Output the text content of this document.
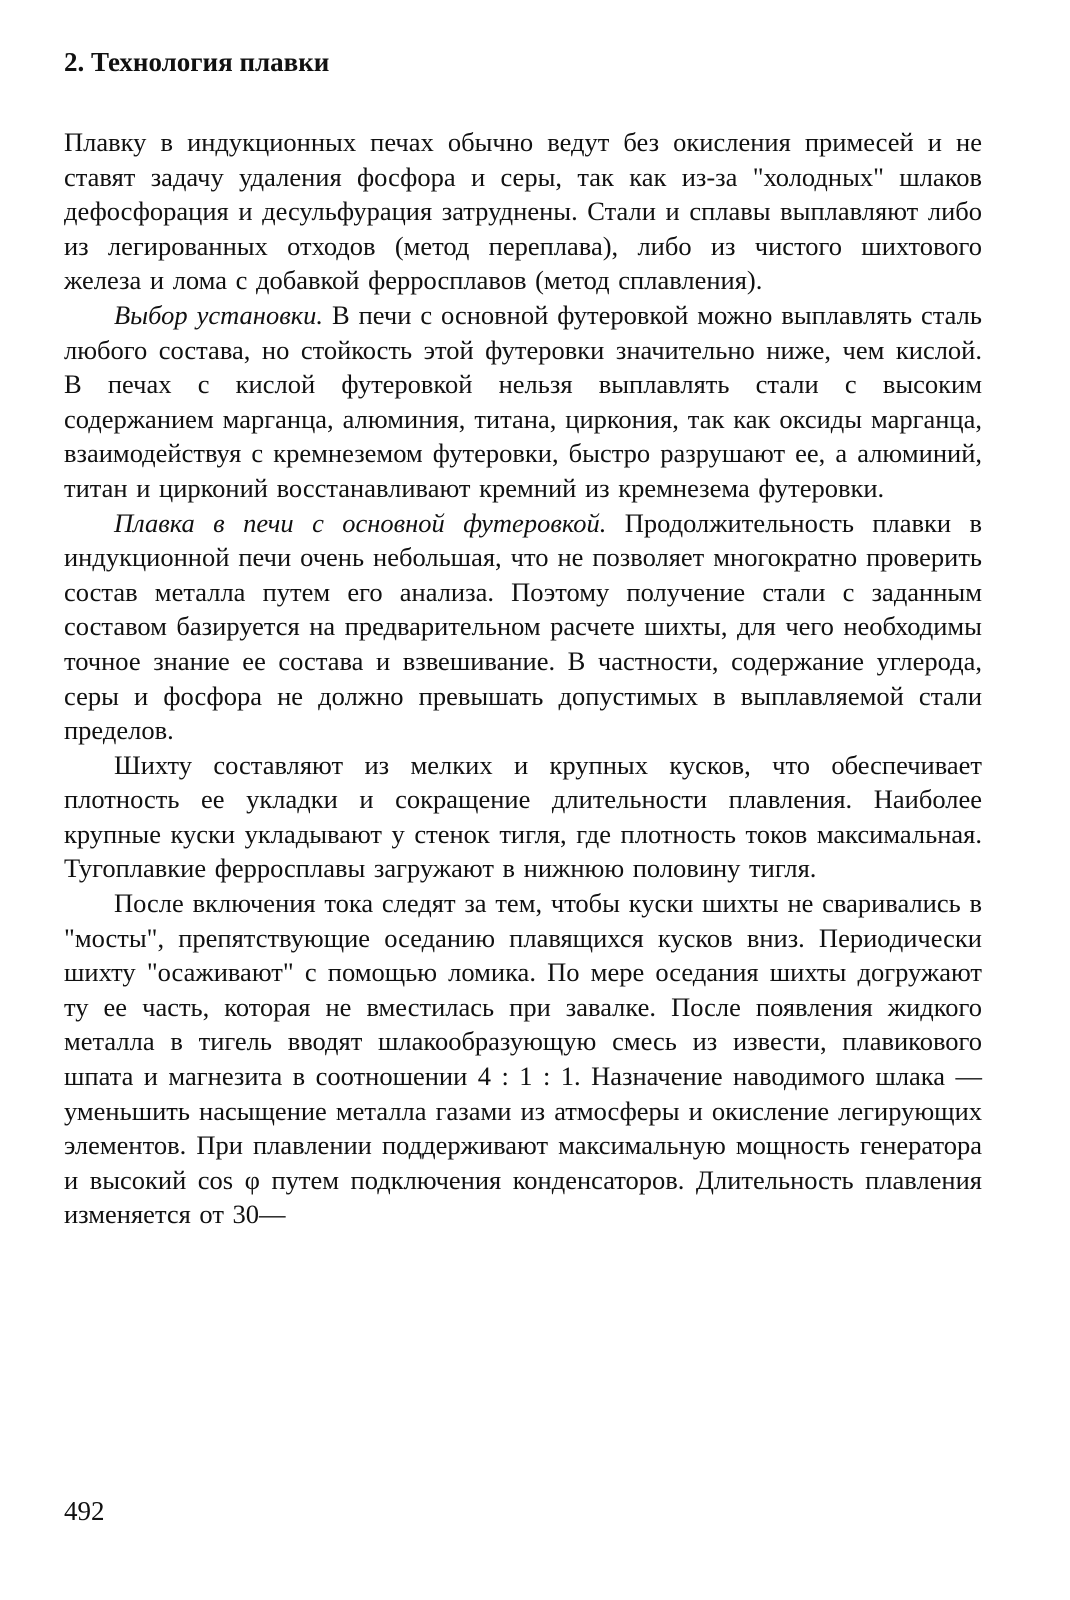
2. Технология плавки

Плавку в индукционных печах обычно ведут без окисления примесей и не ставят задачу удаления фосфора и серы, так как из-за "холодных" шлаков дефосфорация и десульфурация затруднены. Стали и сплавы выплавляют либо из легированных отходов (метод переплава), либо из чистого шихтового железа и лома с добавкой ферросплавов (метод сплавления).

Выбор установки. В печи с основной футеровкой можно выплавлять сталь любого состава, но стойкость этой футеровки значительно ниже, чем кислой. В печах с кислой футеровкой нельзя выплавлять стали с высоким содержанием марганца, алюминия, титана, циркония, так как оксиды марганца, взаимодействуя с кремнеземом футеровки, быстро разрушают ее, а алюминий, титан и цирконий восстанавливают кремний из кремнезема футеровки.

Плавка в печи с основной футеровкой. Продолжительность плавки в индукционной печи очень небольшая, что не позволяет многократно проверить состав металла путем его анализа. Поэтому получение стали с заданным составом базируется на предварительном расчете шихты, для чего необходимы точное знание ее состава и взвешивание. В частности, содержание углерода, серы и фосфора не должно превышать допустимых в выплавляемой стали пределов.

Шихту составляют из мелких и крупных кусков, что обеспечивает плотность ее укладки и сокращение длительности плавления. Наиболее крупные куски укладывают у стенок тигля, где плотность токов максимальная. Тугоплавкие ферросплавы загружают в нижнюю половину тигля.

После включения тока следят за тем, чтобы куски шихты не сваривались в "мосты", препятствующие оседанию плавящихся кусков вниз. Периодически шихту "осаживают" с помощью ломика. По мере оседания шихты догружают ту ее часть, которая не вместилась при завалке. После появления жидкого металла в тигель вводят шлакообразующую смесь из извести, плавикового шпата и магнезита в соотношении 4 : 1 : 1. Назначение наводимого шлака — уменьшить насыщение металла газами из атмосферы и окисление легирующих элементов. При плавлении поддерживают максимальную мощность генератора и высокий cos φ путем подключения конденсаторов. Длительность плавления изменяется от 30—

492
